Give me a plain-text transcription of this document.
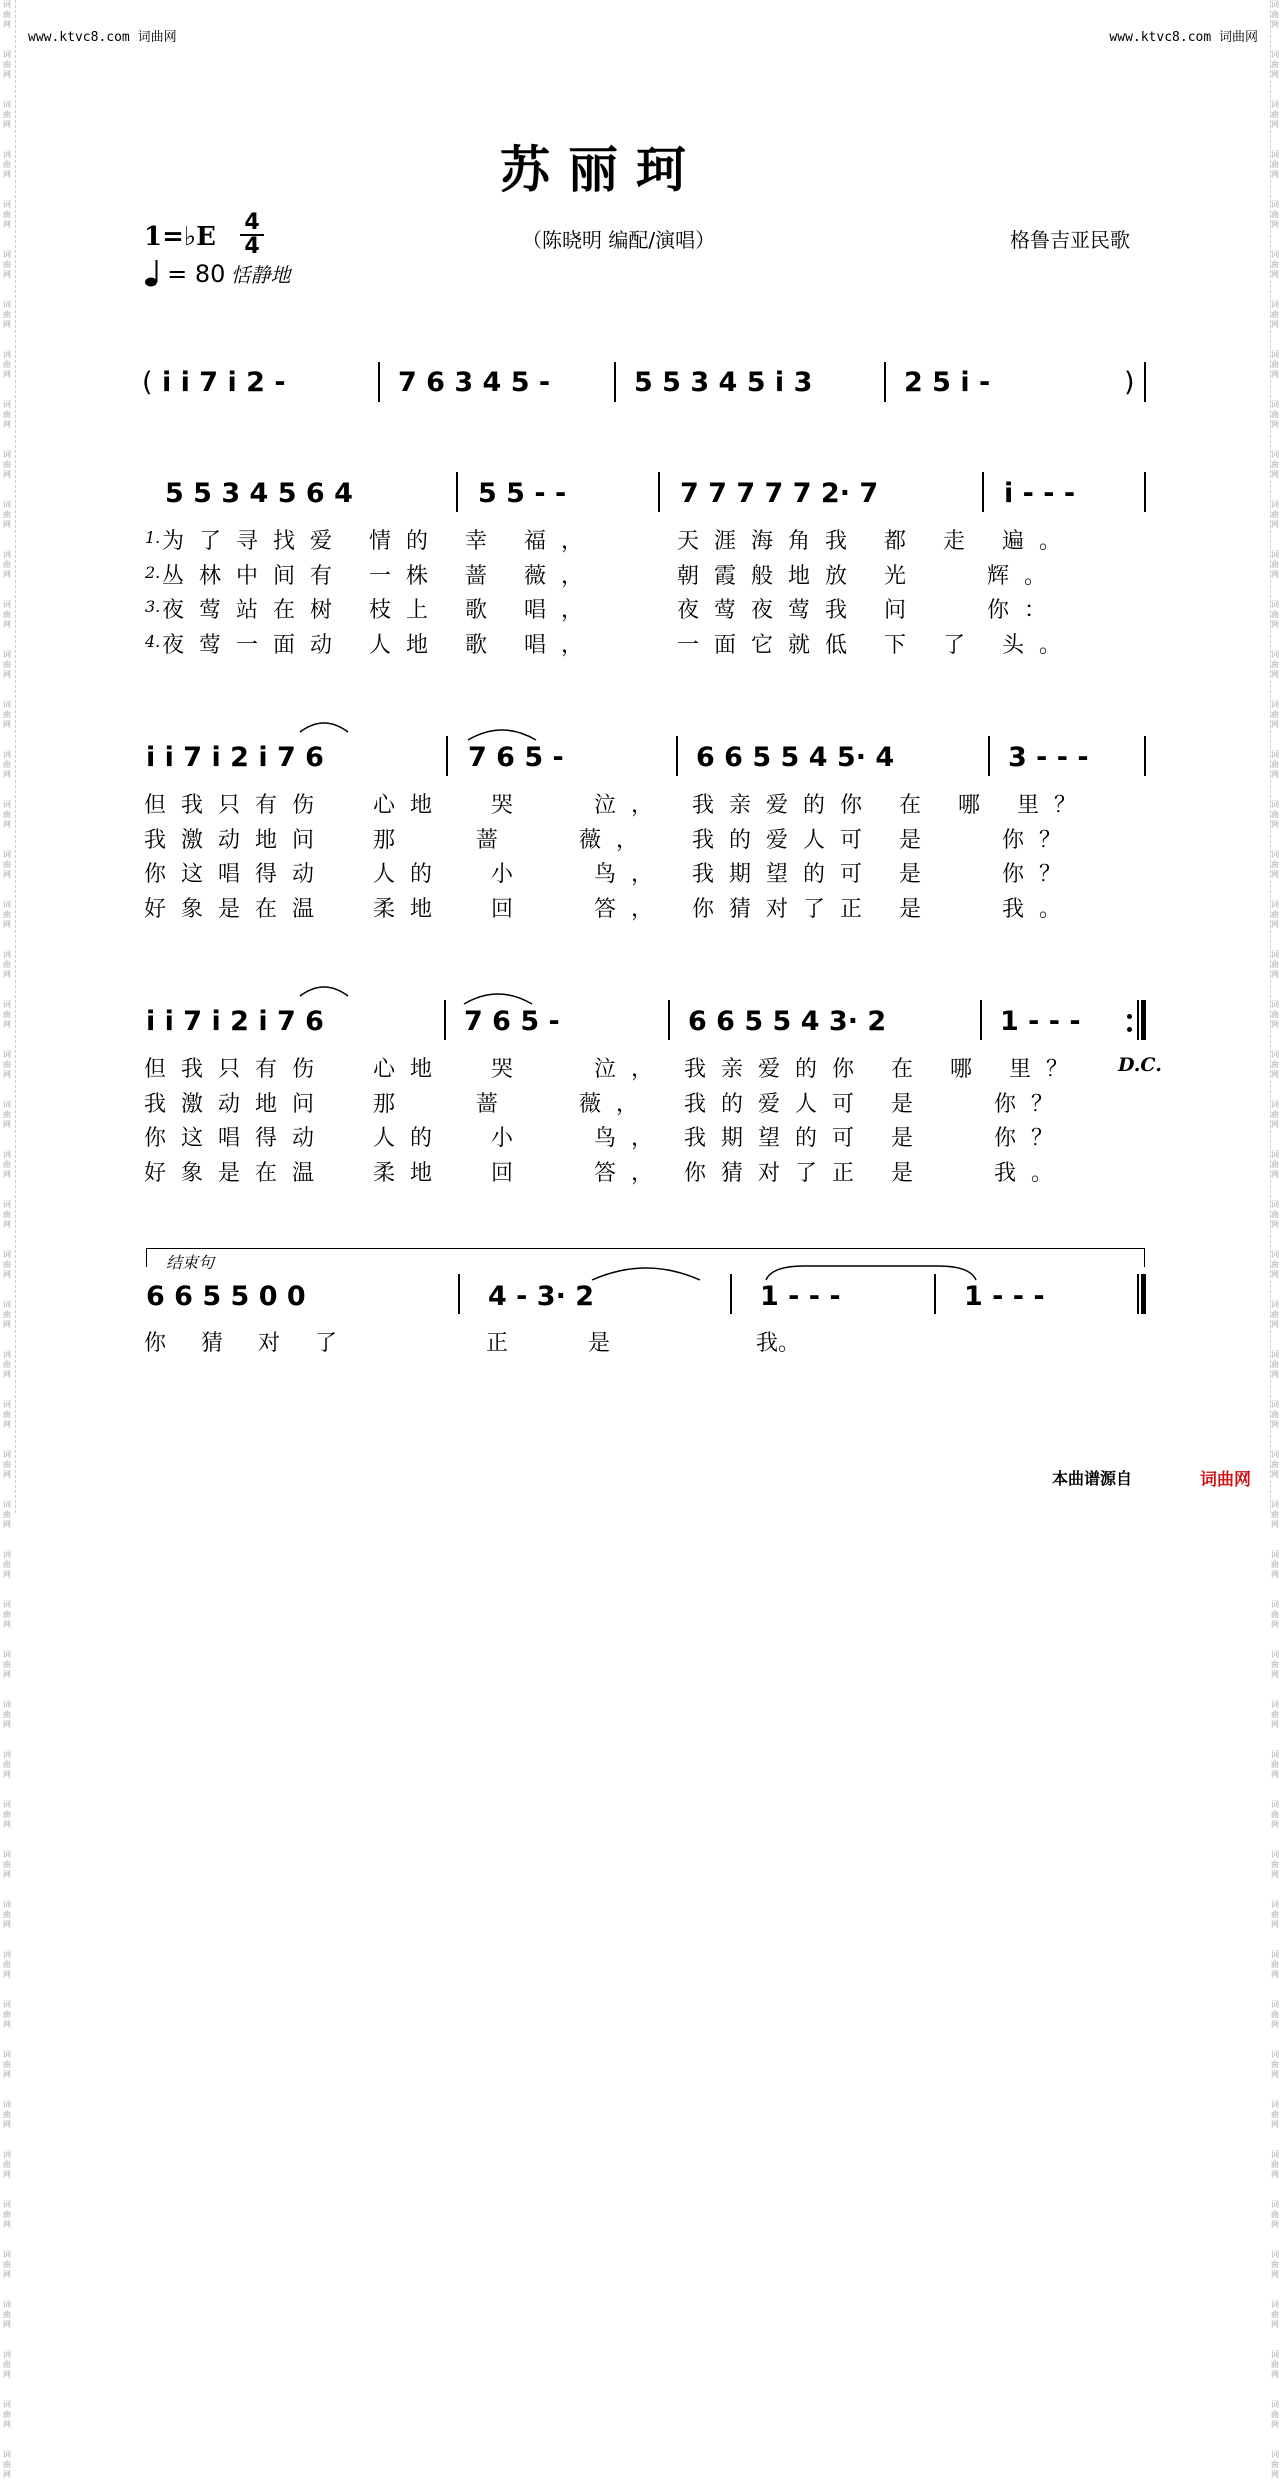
词
曲
网

词
曲
网

词
曲
网

词
曲
网

词
曲
网

词
曲
网

词
曲
网

词
曲
网

词
曲
网

词
曲
网

词
曲
网

词
曲
网

词
曲
网

词
曲
网

词
曲
网

词
曲
网

词
曲
网

词
曲
网

词
曲
网

词
曲
网

词
曲
网

词
曲
网

词
曲
网

词
曲
网

词
曲
网

词
曲
网

词
曲
网

词
曲
网

词
曲
网

词
曲
网

词
曲
网

词
曲
网

词
曲
网

词
曲
网

词
曲
网

词
曲
网

词
曲
网

词
曲
网

词
曲
网

词
曲
网

词
曲
网

词
曲
网

词
曲
网

词
曲
网

词
曲
网

词
曲
网

词
曲
网

词
曲
网

词
曲
网

词
曲
网

词
曲
网

词
曲
网

词
曲
网

词
曲
网

词
曲
网

词
曲
网

词
曲
网

词
曲
网

词
曲
网

词
曲
网

词
曲
网

词
曲
网

词
曲
网

词
曲
网

词
曲
网

词
曲
网

词
曲
网

词
曲
网

词
曲
网

词
曲
网

词
曲
网

词
曲
网

词
曲
网

词
曲
网

词
曲
网

词
曲
网

词
曲
网

词
曲
网

词
曲
网

词
曲
网

词
曲
网

词
曲
网

词
曲
网

词
曲
网

词
曲
网

词
曲
网

词
曲
网

词
曲
网

词
曲
网

词
曲
网

词
曲
网

词
曲
网

词
曲
网

词
曲
网

词
曲
网

词
曲
网

词
曲
网

词
曲
网

词
曲
网

词
曲
网

www.ktvc8.com 词曲网	www.ktvc8.com 词曲网
苏丽珂
1=♭E 4
4	（陈晓明 编配/演唱）	格鲁吉亚民歌
= 80 恬静地
( i i 7 i 2 -	7 6 3 4 5 -	5 5 3 4 5 i 3	2 5 i -	)
5 5 3 4 5 6 4	5 5 - -	7 7 7 7 7 2· 7	i - - -
1. 为了寻找爱 情的 幸 福，	天涯海角我 都 走 遍。
2. 丛林中间有 一株 蔷 薇，	朝霞般地放 光   辉。
3. 夜莺站在树 枝上 歌 唱，	夜莺夜莺我 问   你：
4. 夜莺一面动 人地 歌 唱，	一面它就低 下 了 头。
i i 7 i 2 i 7 6	7 6 5 -	6 6 5 5 4 5· 4	3 - - -
但我只有伤  心地  哭   泣， 我亲爱的你 在 哪 里？
我激动地问  那   蔷   薇， 我的爱人可 是   你？
你这唱得动  人的  小   鸟， 我期望的可 是   你？
好象是在温  柔地  回   答， 你猜对了正 是   我。
i i 7 i 2 i 7 6	7 6 5 -	6 6 5 5 4 3· 2	1 - - -
D.C.
但我只有伤  心地  哭   泣， 我亲爱的你 在 哪 里？
我激动地问  那   蔷   薇， 我的爱人可 是   你？
你这唱得动  人的  小   鸟， 我期望的可 是   你？
好象是在温  柔地  回   答， 你猜对了正 是   我。
结束句
6 6 5 5 0 0	4 - 3· 2	1 - - -	1 - - -
你 猜 对 了	正	是	我。
本曲谱源自	词曲网
